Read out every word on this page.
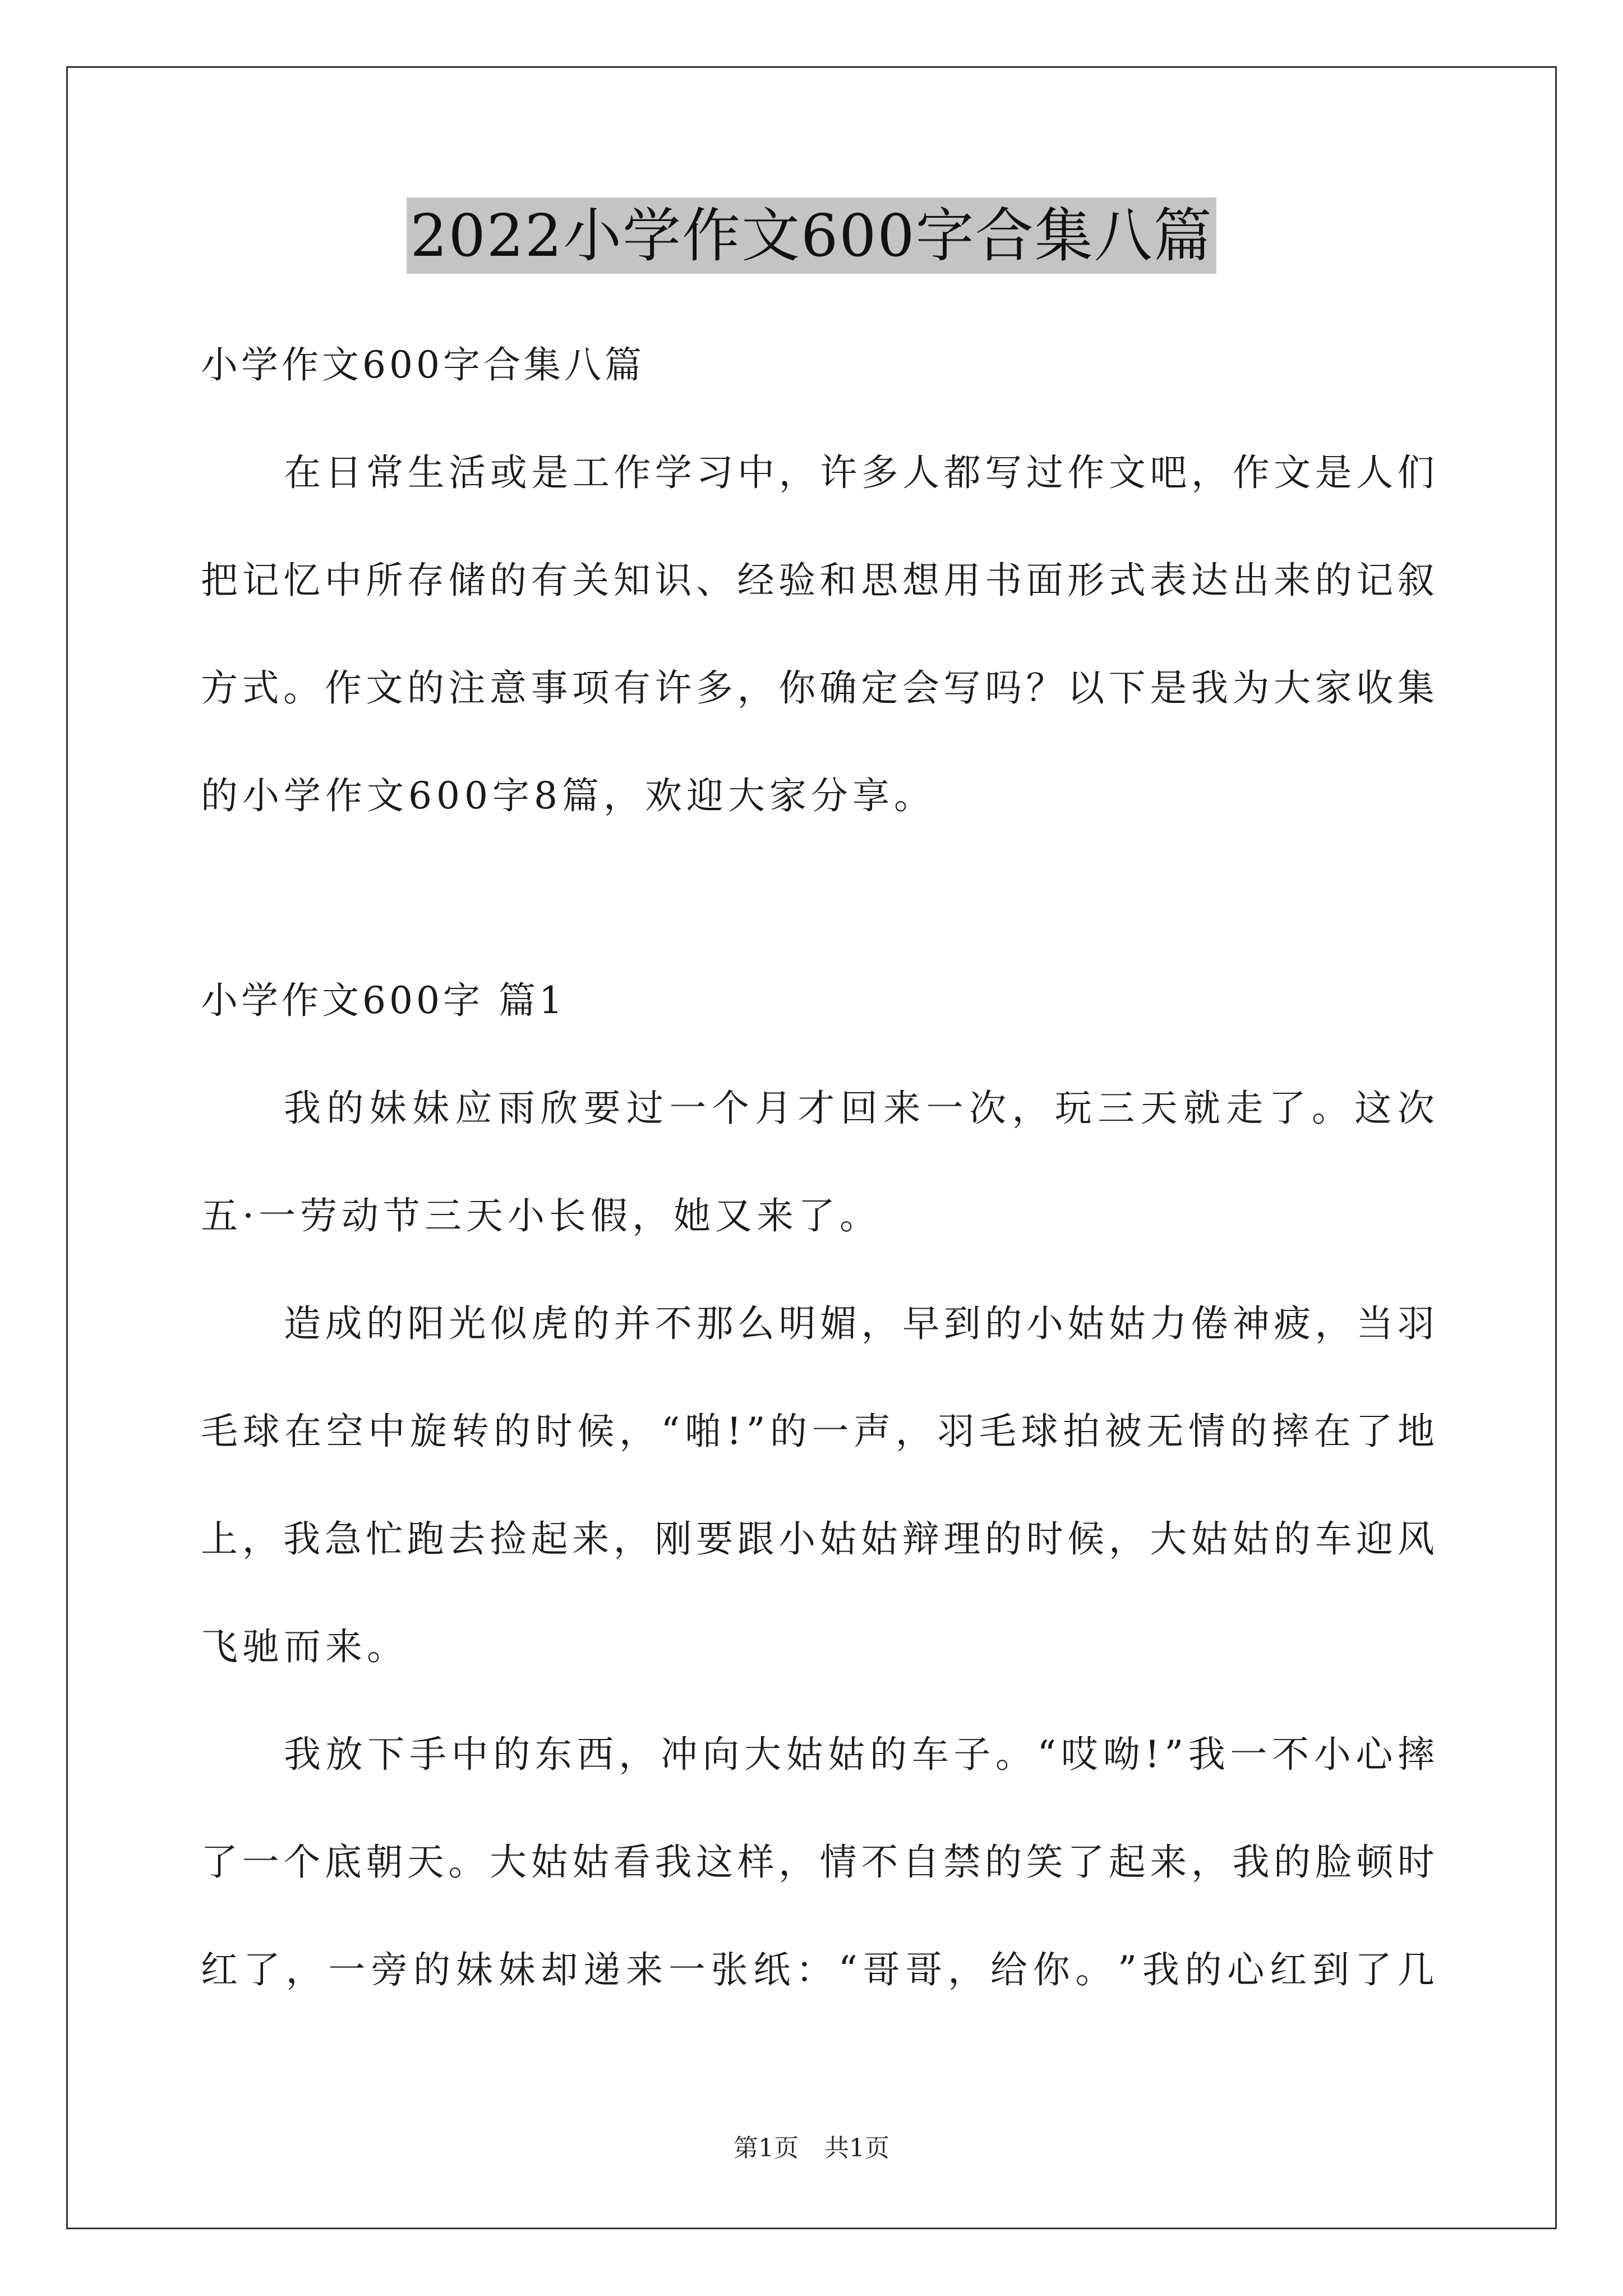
2022小学作文600字合集八篇
小学作文600字合集八篇
在 日 常 生 活 或 是 工 作 学 习 中 ， 许 多 人 都 写 过 作 文 吧 ， 作 文 是 人 们
把 记 忆 中 所 存 储 的 有 关 知 识 、 经 验 和 思 想 用 书 面 形 式 表 达 出 来 的 记 叙
方 式 。 作 文 的 注 意 事 项 有 许 多 ， 你 确 定 会 写 吗 ？ 以 下 是 我 为 大 家 收 集
的小学作文600字8篇，欢迎大家分享。
小学作文600字 篇1
我 的 妹 妹 应 雨 欣 要 过 一 个 月 才 回 来 一 次 ， 玩 三 天 就 走 了 。 这 次
五·一劳动节三天小长假，她又来了。
造 成 的 阳 光 似 虎 的 并 不 那 么 明 媚 ， 早 到 的 小 姑 姑 力 倦 神 疲 ， 当 羽
毛 球 在 空 中 旋 转 的 时 候 ， “ 啪 ! ” 的 一 声 ， 羽 毛 球 拍 被 无 情 的 摔 在 了 地
上 ， 我 急 忙 跑 去 捡 起 来 ， 刚 要 跟 小 姑 姑 辩 理 的 时 候 ， 大 姑 姑 的 车 迎 风
飞驰而来。
我 放 下 手 中 的 东 西 ， 冲 向 大 姑 姑 的 车 子 。 “ 哎 呦 ! ” 我 一 不 小 心 摔
了 一 个 底 朝 天 。 大 姑 姑 看 我 这 样 ， 情 不 自 禁 的 笑 了 起 来 ， 我 的 脸 顿 时
红 了 ， 一 旁 的 妹 妹 却 递 来 一 张 纸 ： “ 哥 哥 ， 给 你 。 ” 我 的 心 红 到 了 几
第1页 共1页
